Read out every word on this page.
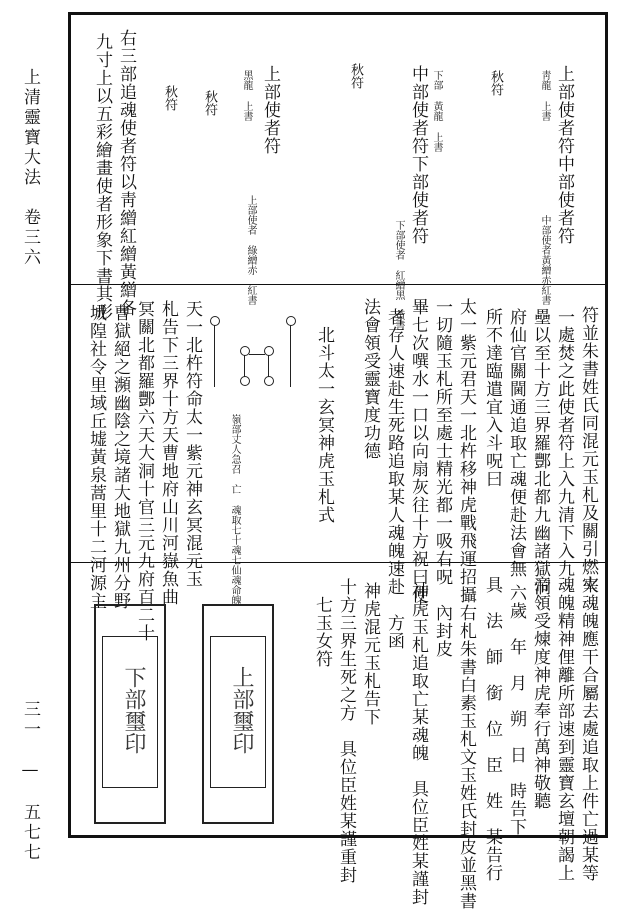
上清靈寶大法　卷三六
三一　—　五七七
上部使者符
靑龍 上書
秋符
中部使者符
中部使者黃繒赤紅書
下部 黃龍 上書
中部使者符
秋符
下部使者符
下部使者　紅繒黑　黃書
黑龍 上書 上部使者符
秋符
上部使者　綠繒赤　紅書
秋符
右三部追魂使者符以靑繒紅繒黃繒各
九寸上以五彩繪畫使者形象下書其形
符並朱書姓氏同混元玉札及關引燃火
一處焚之此使者符上入九清下入九
壘以至十方三界羅酆北都九幽諸獄洞
府仙官關閫通追取亡魂便赴法會無
所不達臨遣宜入斗呪曰
太一紫元君天一北杵移神虎戰飛運招攝
一切隨玉札所至處士精光都一吸右呪
畢七次噀水一口以向扇灰往十方祝曰使
者存人速赴生死路追取某人魂魄速赴
法會領受靈寶度功德
北斗太一玄冥神虎玉札式
嶺部丈人急召　亡 魂取七十魂七仙魂命魄
天一北杵符命太一紫元神玄冥混元玉
札告下三界十方天曹地府山川河嶽魚曲
冥關北都羅酆六天大洞十官三元九府百二十
曹獄絕之瀕幽陰之境諸大地獄九州分野
城隍社令里域丘墟黃泉蒿里十二河源主
宰魂魄應干合屬去處追取上件亡過某等
魂魄精神俚離所部速到靈寶玄壇朝謁上
帝領受煉度神虎奉行萬神敬聽
六歲　年　月　朔　日　時告下
具　法　師　銜　位　臣　姓　某告行
右札朱書白素玉札文玉姓氏封皮並黑書
內封皮
神虎玉札追取亡某魂魄　具位臣姓某謹封
方函
神虎混元玉札告下
十方三界生死之方　具位臣姓某謹重封
七玉女符
上部璽印
下部璽印
